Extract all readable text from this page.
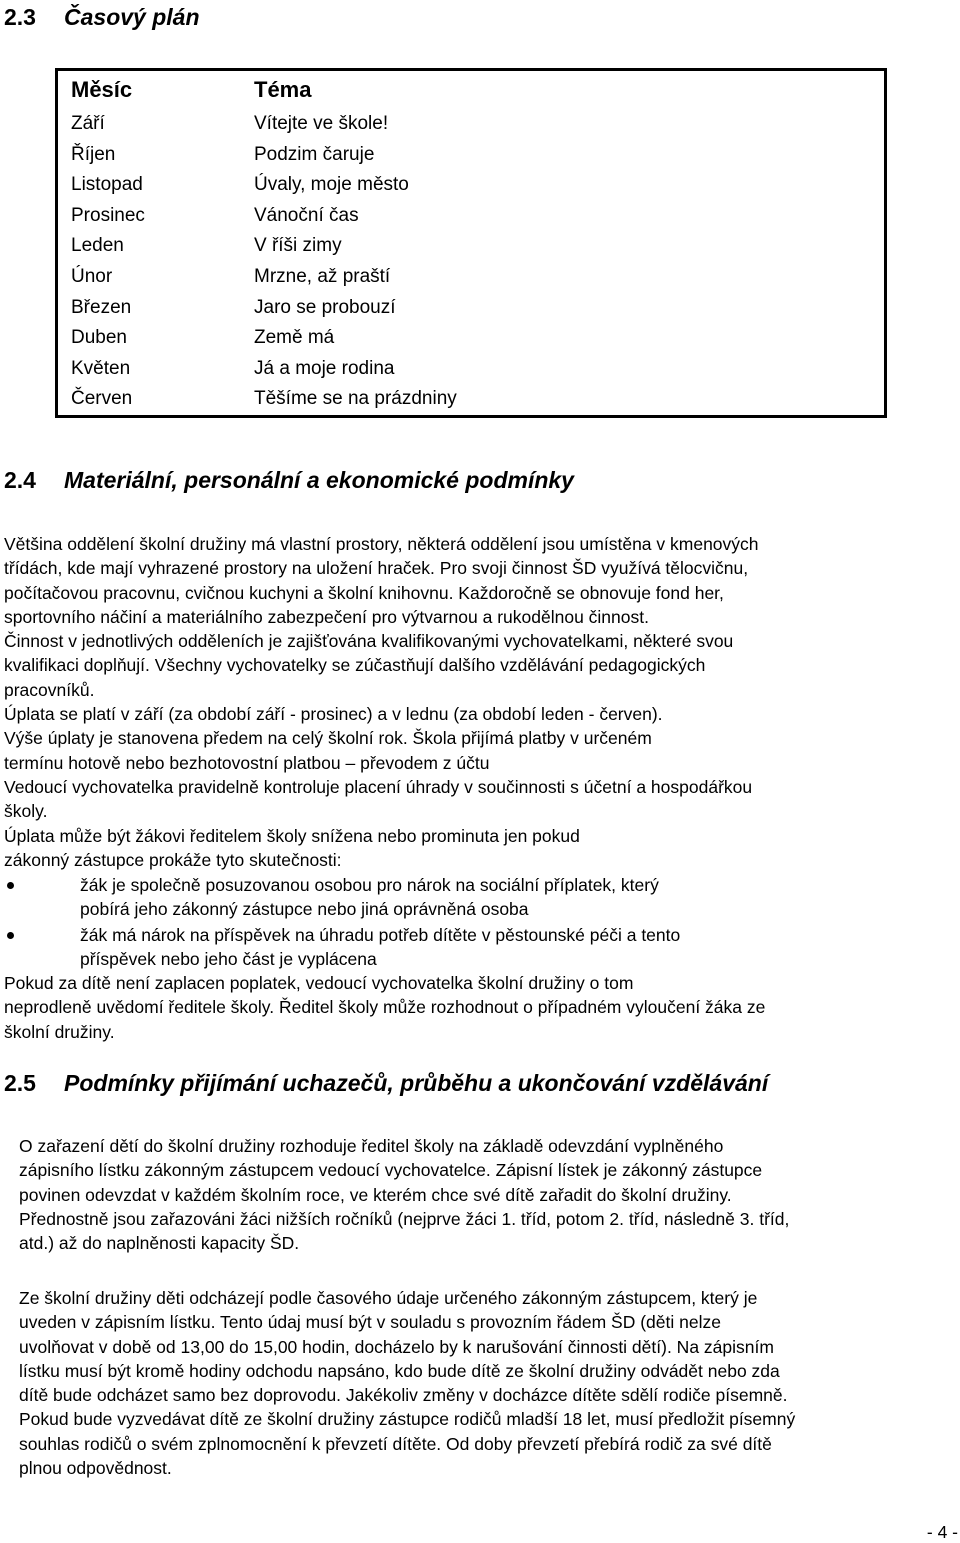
2.3 Časový plán
Měsíc	Téma
Září	Vítejte ve škole!
Říjen	Podzim čaruje
Listopad	Úvaly, moje město
Prosinec	Vánoční čas
Leden	V říši zimy
Únor	Mrzne, až praští
Březen	Jaro se probouzí
Duben	Země má
Květen	Já a moje rodina
Červen	Těšíme se na prázdniny
2.4 Materiální, personální a ekonomické podmínky
Většina oddělení školní družiny má vlastní prostory, některá oddělení jsou umístěna v kmenových
třídách, kde mají vyhrazené prostory na uložení hraček. Pro svoji činnost ŠD využívá tělocvičnu,
počítačovou pracovnu, cvičnou kuchyni a školní knihovnu. Každoročně se obnovuje fond her,
sportovního náčiní a materiálního zabezpečení pro výtvarnou a rukodělnou činnost.
Činnost v jednotlivých odděleních je zajišťována kvalifikovanými vychovatelkami, některé svou
kvalifikaci doplňují. Všechny vychovatelky se zúčastňují dalšího vzdělávání pedagogických
pracovníků.
Úplata se platí v září (za období září - prosinec) a v lednu (za období leden - červen).
Výše úplaty je stanovena předem na celý školní rok. Škola přijímá platby v určeném
termínu hotově nebo bezhotovostní platbou – převodem z účtu
Vedoucí vychovatelka pravidelně kontroluje placení úhrady v součinnosti s účetní a hospodářkou
školy.
Úplata může být žákovi ředitelem školy snížena nebo prominuta jen pokud
zákonný zástupce prokáže tyto skutečnosti:
žák je společně posuzovanou osobou pro nárok na sociální příplatek, který
pobírá jeho zákonný zástupce nebo jiná oprávněná osoba
žák má nárok na příspěvek na úhradu potřeb dítěte v pěstounské péči a tento
příspěvek nebo jeho část je vyplácena
Pokud za dítě není zaplacen poplatek, vedoucí vychovatelka školní družiny o tom
neprodleně uvědomí ředitele školy. Ředitel školy může rozhodnout o případném vyloučení žáka ze
školní družiny.
2.5 Podmínky přijímání uchazečů, průběhu a ukončování vzdělávání
O zařazení dětí do školní družiny rozhoduje ředitel školy na základě odevzdání vyplněného
zápisního lístku zákonným zástupcem vedoucí vychovatelce. Zápisní lístek je zákonný zástupce
povinen odevzdat v každém školním roce, ve kterém chce své dítě zařadit do školní družiny.
Přednostně jsou zařazováni žáci nižších ročníků (nejprve žáci 1. tříd, potom 2. tříd, následně 3. tříd,
atd.) až do naplněnosti kapacity ŠD.
Ze školní družiny děti odcházejí podle časového údaje určeného zákonným zástupcem, který je
uveden v zápisním lístku. Tento údaj musí být v souladu s provozním řádem ŠD (děti nelze
uvolňovat v době od 13,00 do 15,00 hodin, docházelo by k narušování činnosti dětí). Na zápisním
lístku musí být kromě hodiny odchodu napsáno, kdo bude dítě ze školní družiny odvádět nebo zda
dítě bude odcházet samo bez doprovodu. Jakékoliv změny v docházce dítěte sdělí rodiče písemně.
Pokud bude vyzvedávat dítě ze školní družiny zástupce rodičů mladší 18 let, musí předložit písemný
souhlas rodičů o svém zplnomocnění k převzetí dítěte. Od doby převzetí přebírá rodič za své dítě
plnou odpovědnost.
- 4 -
